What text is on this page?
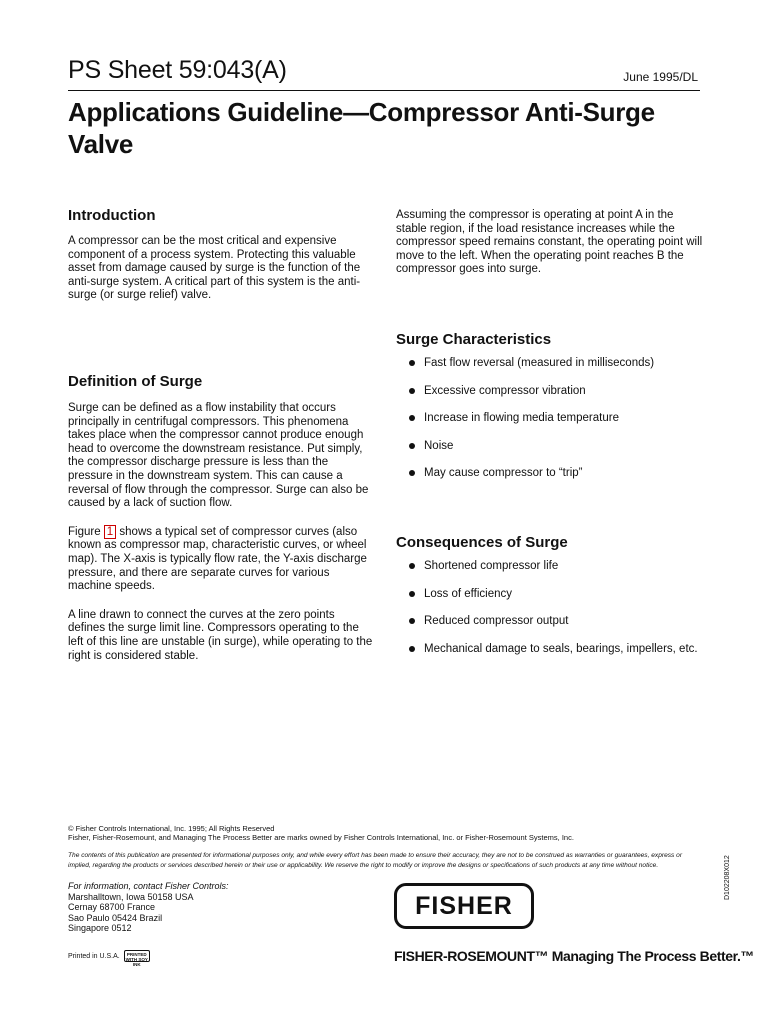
PS Sheet 59:043(A)	June 1995/DL
Applications Guideline—Compressor Anti-Surge Valve
Introduction

A compressor can be the most critical and expensive component of a process system. Protecting this valuable asset from damage caused by surge is the function of the anti-surge system. A critical part of this system is the anti-surge (or surge relief) valve.

Definition of Surge

Surge can be defined as a flow instability that occurs principally in centrifugal compressors. This phenomena takes place when the compressor cannot produce enough head to overcome the downstream resistance. Put simply, the compressor discharge pressure is less than the pressure in the downstream system. This can cause a reversal of flow through the compressor. Surge can also be caused by a lack of suction flow.

Figure 1 shows a typical set of compressor curves (also known as compressor map, characteristic curves, or wheel map). The X-axis is typically flow rate, the Y-axis discharge pressure, and there are separate curves for various machine speeds.

A line drawn to connect the curves at the zero points defines the surge limit line. Compressors operating to the left of this line are unstable (in surge), while operating to the right is considered stable.

Assuming the compressor is operating at point A in the stable region, if the load resistance increases while the compressor speed remains constant, the operating point will move to the left. When the operating point reaches B the compressor goes into surge.

Surge Characteristics
Fast flow reversal (measured in milliseconds)
Excessive compressor vibration
Increase in flowing media temperature
Noise
May cause compressor to “trip”
Consequences of Surge
Shortened compressor life
Loss of efficiency
Reduced compressor output
Mechanical damage to seals, bearings, impellers, etc.
© Fisher Controls International, Inc. 1995; All Rights Reserved
Fisher, Fisher-Rosemount, and Managing The Process Better are marks owned by Fisher Controls International, Inc. or Fisher-Rosemount Systems, Inc.
The contents of this publication are presented for informational purposes only, and while every effort has been made to ensure their accuracy, they are not to be construed as warranties or guarantees, express or implied, regarding the products or services described herein or their use or applicability. We reserve the right to modify or improve the designs or specifications of such products at any time without notice.
For information, contact Fisher Controls:
Marshalltown, Iowa 50158 USA
Cernay 68700 France
Sao Paulo 05424 Brazil
Singapore 0512
Printed in U.S.A.	PRINTED WITH SOY INK
FISHER
FISHER-ROSEMOUNT™ Managing The Process Better.™
D102208X012
